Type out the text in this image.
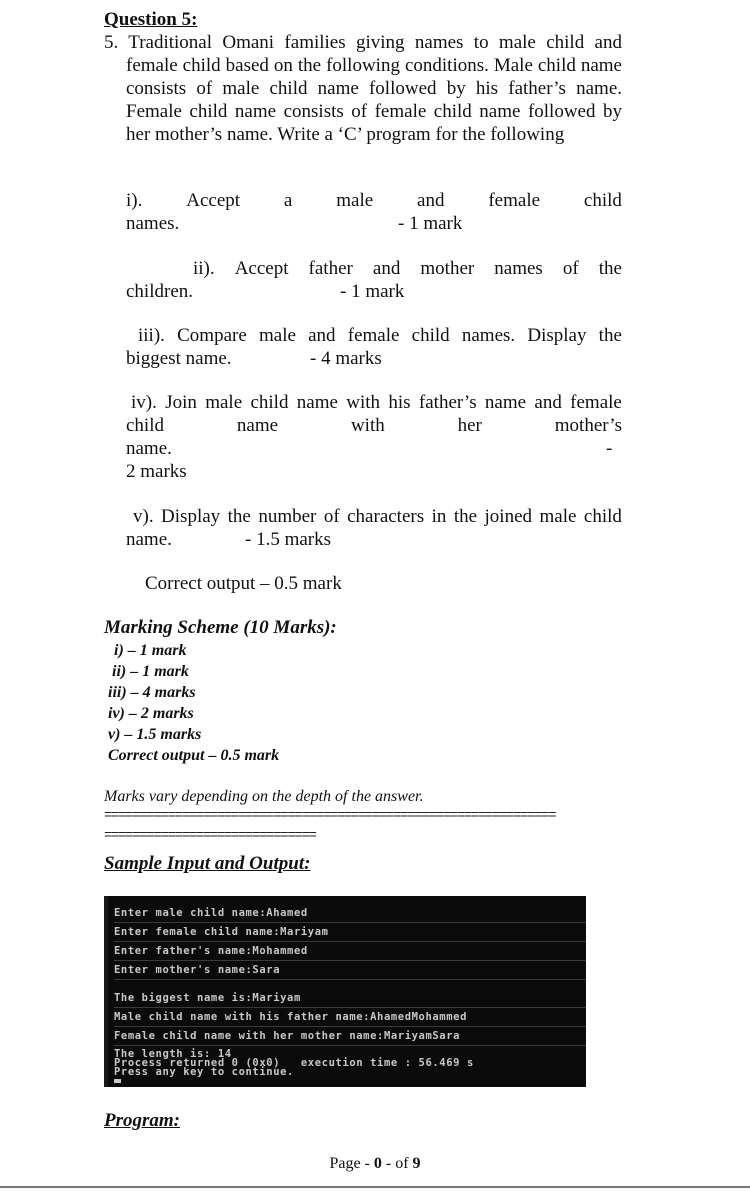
Question 5:

5. Traditional Omani families giving names to male child and female child based on the following conditions. Male child name consists of male child name followed by his father’s name. Female child name consists of female child name followed by her mother’s name. Write a ‘C’ program for the following

i). Accept a male and female child
names.	- 1 mark
ii). Accept father and mother names of the
children.	- 1 mark
iii). Compare male and female child names. Display the
biggest name.	- 4 marks
iv). Join male child name with his father’s name and female
child	name	with	her	mother’s
-
name.
2 marks
v). Display the number of characters in the joined male child
name.	- 1.5 marks
Correct output – 0.5 mark
Marking Scheme (10 Marks):
i) – 1 mark
ii) – 1 mark
iii) – 4 marks
iv) – 2 marks
v) – 1.5 marks
Correct output – 0.5 mark
Marks vary depending on the depth of the answer.
================================================================
==============================
Sample Input and Output:
Enter male child name:Ahamed
Enter female child name:Mariyam
Enter father's name:Mohammed
Enter mother's name:Sara
The biggest name is:Mariyam
Male child name with his father name:AhamedMohammed
Female child name with her mother name:MariyamSara
The length is: 14
Process returned 0 (0x0)   execution time : 56.469 s
Press any key to continue.
Program:
Page - 0 - of 9
